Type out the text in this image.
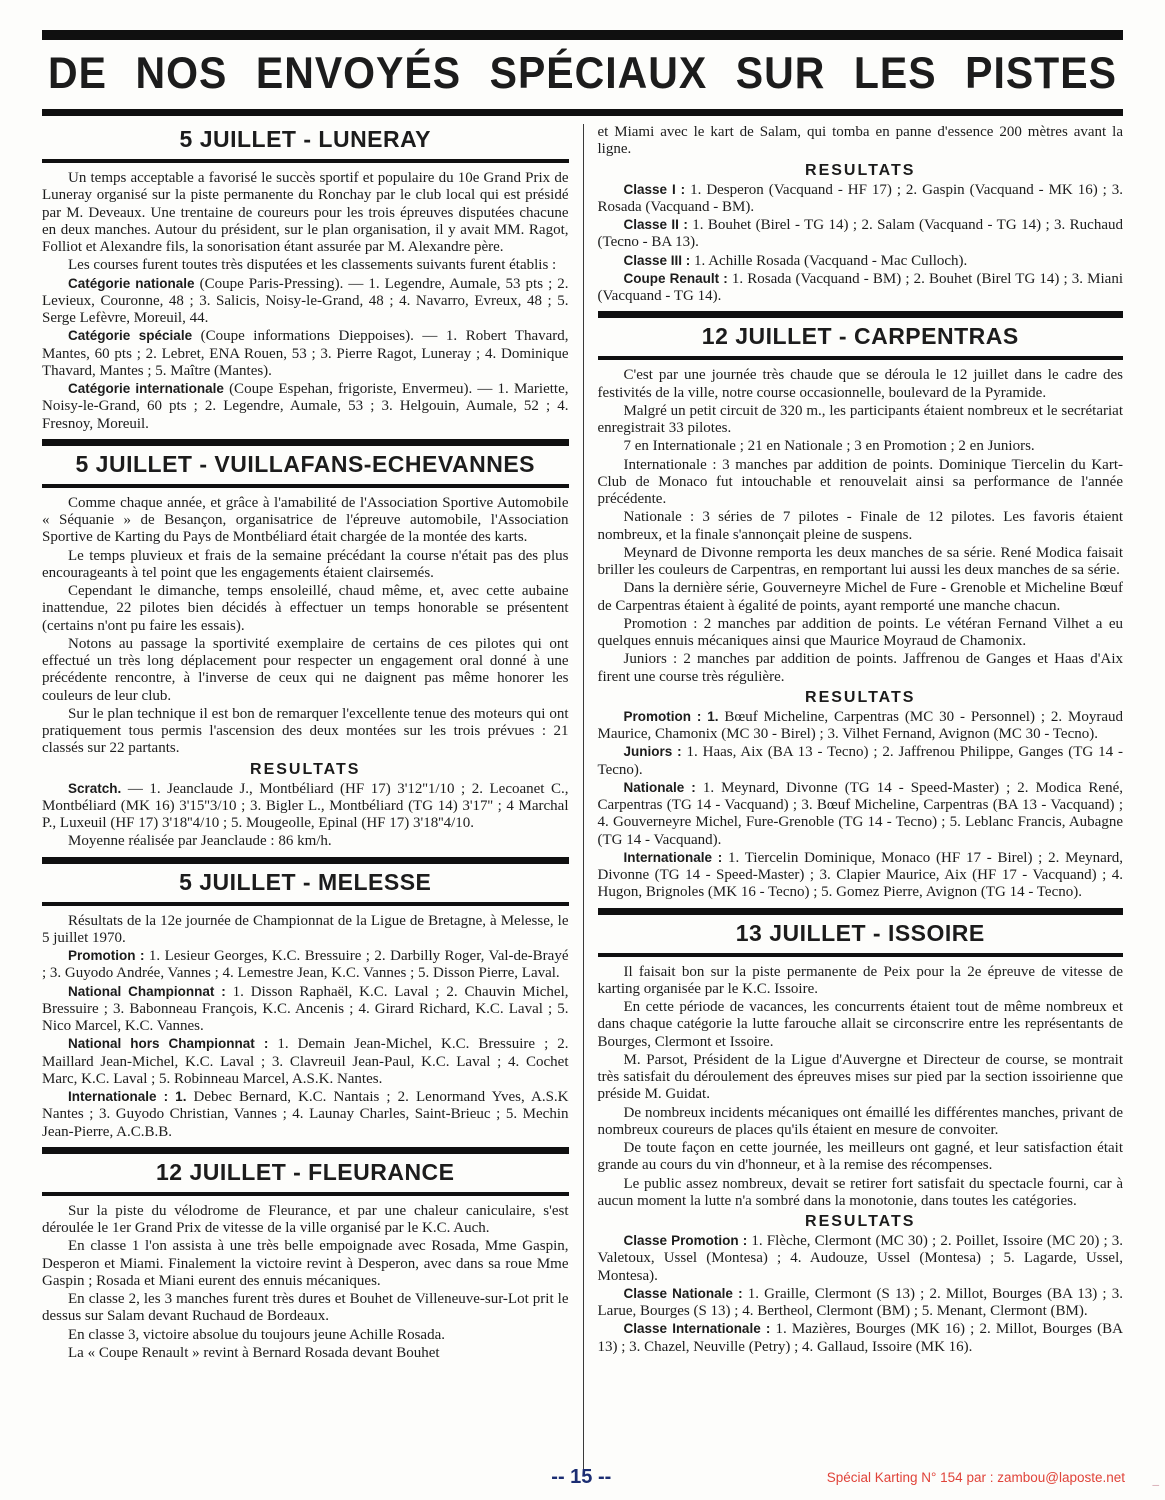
DE NOS ENVOYÉS SPÉCIAUX SUR LES PISTES
5 JUILLET - LUNERAY

Un temps acceptable a favorisé le succès sportif et populaire du 10e Grand Prix de Luneray organisé sur la piste permanente du Ronchay par le club local qui est présidé par M. Deveaux. Une trentaine de coureurs pour les trois épreuves disputées chacune en deux manches. Autour du président, sur le plan organisation, il y avait MM. Ragot, Folliot et Alexandre fils, la sonorisation étant assurée par M. Alexandre père.

Les courses furent toutes très disputées et les classements suivants furent établis :

Catégorie nationale (Coupe Paris-Pressing). — 1. Legendre, Aumale, 53 pts ; 2. Levieux, Couronne, 48 ; 3. Salicis, Noisy-le-Grand, 48 ; 4. Navarro, Evreux, 48 ; 5. Serge Lefèvre, Moreuil, 44.

Catégorie spéciale (Coupe informations Dieppoises). — 1. Robert Thavard, Mantes, 60 pts ; 2. Lebret, ENA Rouen, 53 ; 3. Pierre Ragot, Luneray ; 4. Dominique Thavard, Mantes ; 5. Maître (Mantes).

Catégorie internationale (Coupe Espehan, frigoriste, Envermeu). — 1. Mariette, Noisy-le-Grand, 60 pts ; 2. Legendre, Aumale, 53 ; 3. Helgouin, Aumale, 52 ; 4. Fresnoy, Moreuil.

5 JUILLET - VUILLAFANS-ECHEVANNES

Comme chaque année, et grâce à l'amabilité de l'Association Sportive Automobile « Séquanie » de Besançon, organisatrice de l'épreuve automobile, l'Association Sportive de Karting du Pays de Montbéliard était chargée de la montée des karts.

Le temps pluvieux et frais de la semaine précédant la course n'était pas des plus encourageants à tel point que les engagements étaient clairsemés.

Cependant le dimanche, temps ensoleillé, chaud même, et, avec cette aubaine inattendue, 22 pilotes bien décidés à effectuer un temps honorable se présentent (certains n'ont pu faire les essais).

Notons au passage la sportivité exemplaire de certains de ces pilotes qui ont effectué un très long déplacement pour respecter un engagement oral donné à une précédente rencontre, à l'inverse de ceux qui ne daignent pas même honorer les couleurs de leur club.

Sur le plan technique il est bon de remarquer l'excellente tenue des moteurs qui ont pratiquement tous permis l'ascension des deux montées sur les trois prévues : 21 classés sur 22 partants.

RESULTATS

Scratch. — 1. Jeanclaude J., Montbéliard (HF 17) 3'12''1/10 ; 2. Lecoanet C., Montbéliard (MK 16) 3'15''3/10 ; 3. Bigler L., Montbéliard (TG 14) 3'17'' ; 4 Marchal P., Luxeuil (HF 17) 3'18''4/10 ; 5. Mougeolle, Epinal (HF 17) 3'18''4/10.

Moyenne réalisée par Jeanclaude : 86 km/h.

5 JUILLET - MELESSE

Résultats de la 12e journée de Championnat de la Ligue de Bretagne, à Melesse, le 5 juillet 1970.

Promotion : 1. Lesieur Georges, K.C. Bressuire ; 2. Darbilly Roger, Val-de-Brayé ; 3. Guyodo Andrée, Vannes ; 4. Lemestre Jean, K.C. Vannes ; 5. Disson Pierre, Laval.

National Championnat : 1. Disson Raphaël, K.C. Laval ; 2. Chauvin Michel, Bressuire ; 3. Babonneau François, K.C. Ancenis ; 4. Girard Richard, K.C. Laval ; 5. Nico Marcel, K.C. Vannes.

National hors Championnat : 1. Demain Jean-Michel, K.C. Bressuire ; 2. Maillard Jean-Michel, K.C. Laval ; 3. Clavreuil Jean-Paul, K.C. Laval ; 4. Cochet Marc, K.C. Laval ; 5. Robinneau Marcel, A.S.K. Nantes.

Internationale : 1. Debec Bernard, K.C. Nantais ; 2. Lenormand Yves, A.S.K Nantes ; 3. Guyodo Christian, Vannes ; 4. Launay Charles, Saint-Brieuc ; 5. Mechin Jean-Pierre, A.C.B.B.

12 JUILLET - FLEURANCE

Sur la piste du vélodrome de Fleurance, et par une chaleur caniculaire, s'est déroulée le 1er Grand Prix de vitesse de la ville organisé par le K.C. Auch.

En classe 1 l'on assista à une très belle empoignade avec Rosada, Mme Gaspin, Desperon et Miami. Finalement la victoire revint à Desperon, avec dans sa roue Mme Gaspin ; Rosada et Miani eurent des ennuis mécaniques.

En classe 2, les 3 manches furent très dures et Bouhet de Villeneuve-sur-Lot prit le dessus sur Salam devant Ruchaud de Bordeaux.

En classe 3, victoire absolue du toujours jeune Achille Rosada.

La « Coupe Renault » revint à Bernard Rosada devant Bouhet

et Miami avec le kart de Salam, qui tomba en panne d'essence 200 mètres avant la ligne.

RESULTATS

Classe I : 1. Desperon (Vacquand - HF 17) ; 2. Gaspin (Vacquand - MK 16) ; 3. Rosada (Vacquand - BM).

Classe II : 1. Bouhet (Birel - TG 14) ; 2. Salam (Vacquand - TG 14) ; 3. Ruchaud (Tecno - BA 13).

Classe III : 1. Achille Rosada (Vacquand - Mac Culloch).

Coupe Renault : 1. Rosada (Vacquand - BM) ; 2. Bouhet (Birel TG 14) ; 3. Miani (Vacquand - TG 14).

12 JUILLET - CARPENTRAS

C'est par une journée très chaude que se déroula le 12 juillet dans le cadre des festivités de la ville, notre course occasionnelle, boulevard de la Pyramide.

Malgré un petit circuit de 320 m., les participants étaient nombreux et le secrétariat enregistrait 33 pilotes.

7 en Internationale ; 21 en Nationale ; 3 en Promotion ; 2 en Juniors.

Internationale : 3 manches par addition de points. Dominique Tiercelin du Kart-Club de Monaco fut intouchable et renouvelait ainsi sa performance de l'année précédente.

Nationale : 3 séries de 7 pilotes - Finale de 12 pilotes. Les favoris étaient nombreux, et la finale s'annonçait pleine de suspens.

Meynard de Divonne remporta les deux manches de sa série. René Modica faisait briller les couleurs de Carpentras, en remportant lui aussi les deux manches de sa série.

Dans la dernière série, Gouverneyre Michel de Fure - Grenoble et Micheline Bœuf de Carpentras étaient à égalité de points, ayant remporté une manche chacun.

Promotion : 2 manches par addition de points. Le vétéran Fernand Vilhet a eu quelques ennuis mécaniques ainsi que Maurice Moyraud de Chamonix.

Juniors : 2 manches par addition de points. Jaffrenou de Ganges et Haas d'Aix firent une course très régulière.

RESULTATS

Promotion : 1. Bœuf Micheline, Carpentras (MC 30 - Personnel) ; 2. Moyraud Maurice, Chamonix (MC 30 - Birel) ; 3. Vilhet Fernand, Avignon (MC 30 - Tecno).

Juniors : 1. Haas, Aix (BA 13 - Tecno) ; 2. Jaffrenou Philippe, Ganges (TG 14 - Tecno).

Nationale : 1. Meynard, Divonne (TG 14 - Speed-Master) ; 2. Modica René, Carpentras (TG 14 - Vacquand) ; 3. Bœuf Micheline, Carpentras (BA 13 - Vacquand) ; 4. Gouverneyre Michel, Fure-Grenoble (TG 14 - Tecno) ; 5. Leblanc Francis, Aubagne (TG 14 - Vacquand).

Internationale : 1. Tiercelin Dominique, Monaco (HF 17 - Birel) ; 2. Meynard, Divonne (TG 14 - Speed-Master) ; 3. Clapier Maurice, Aix (HF 17 - Vacquand) ; 4. Hugon, Brignoles (MK 16 - Tecno) ; 5. Gomez Pierre, Avignon (TG 14 - Tecno).

13 JUILLET - ISSOIRE

Il faisait bon sur la piste permanente de Peix pour la 2e épreuve de vitesse de karting organisée par le K.C. Issoire.

En cette période de vacances, les concurrents étaient tout de même nombreux et dans chaque catégorie la lutte farouche allait se circonscrire entre les représentants de Bourges, Clermont et Issoire.

M. Parsot, Président de la Ligue d'Auvergne et Directeur de course, se montrait très satisfait du déroulement des épreuves mises sur pied par la section issoirienne que préside M. Guidat.

De nombreux incidents mécaniques ont émaillé les différentes manches, privant de nombreux coureurs de places qu'ils étaient en mesure de convoiter.

De toute façon en cette journée, les meilleurs ont gagné, et leur satisfaction était grande au cours du vin d'honneur, et à la remise des récompenses.

Le public assez nombreux, devait se retirer fort satisfait du spectacle fourni, car à aucun moment la lutte n'a sombré dans la monotonie, dans toutes les catégories.

RESULTATS

Classe Promotion : 1. Flèche, Clermont (MC 30) ; 2. Poillet, Issoire (MC 20) ; 3. Valetoux, Ussel (Montesa) ; 4. Audouze, Ussel (Montesa) ; 5. Lagarde, Ussel, Montesa).

Classe Nationale : 1. Graille, Clermont (S 13) ; 2. Millot, Bourges (BA 13) ; 3. Larue, Bourges (S 13) ; 4. Bertheol, Clermont (BM) ; 5. Menant, Clermont (BM).

Classe Internationale : 1. Mazières, Bourges (MK 16) ; 2. Millot, Bourges (BA 13) ; 3. Chazel, Neuville (Petry) ; 4. Gallaud, Issoire (MK 16).

-- 15 --	Spécial Karting N° 154 par : zambou@laposte.net _
